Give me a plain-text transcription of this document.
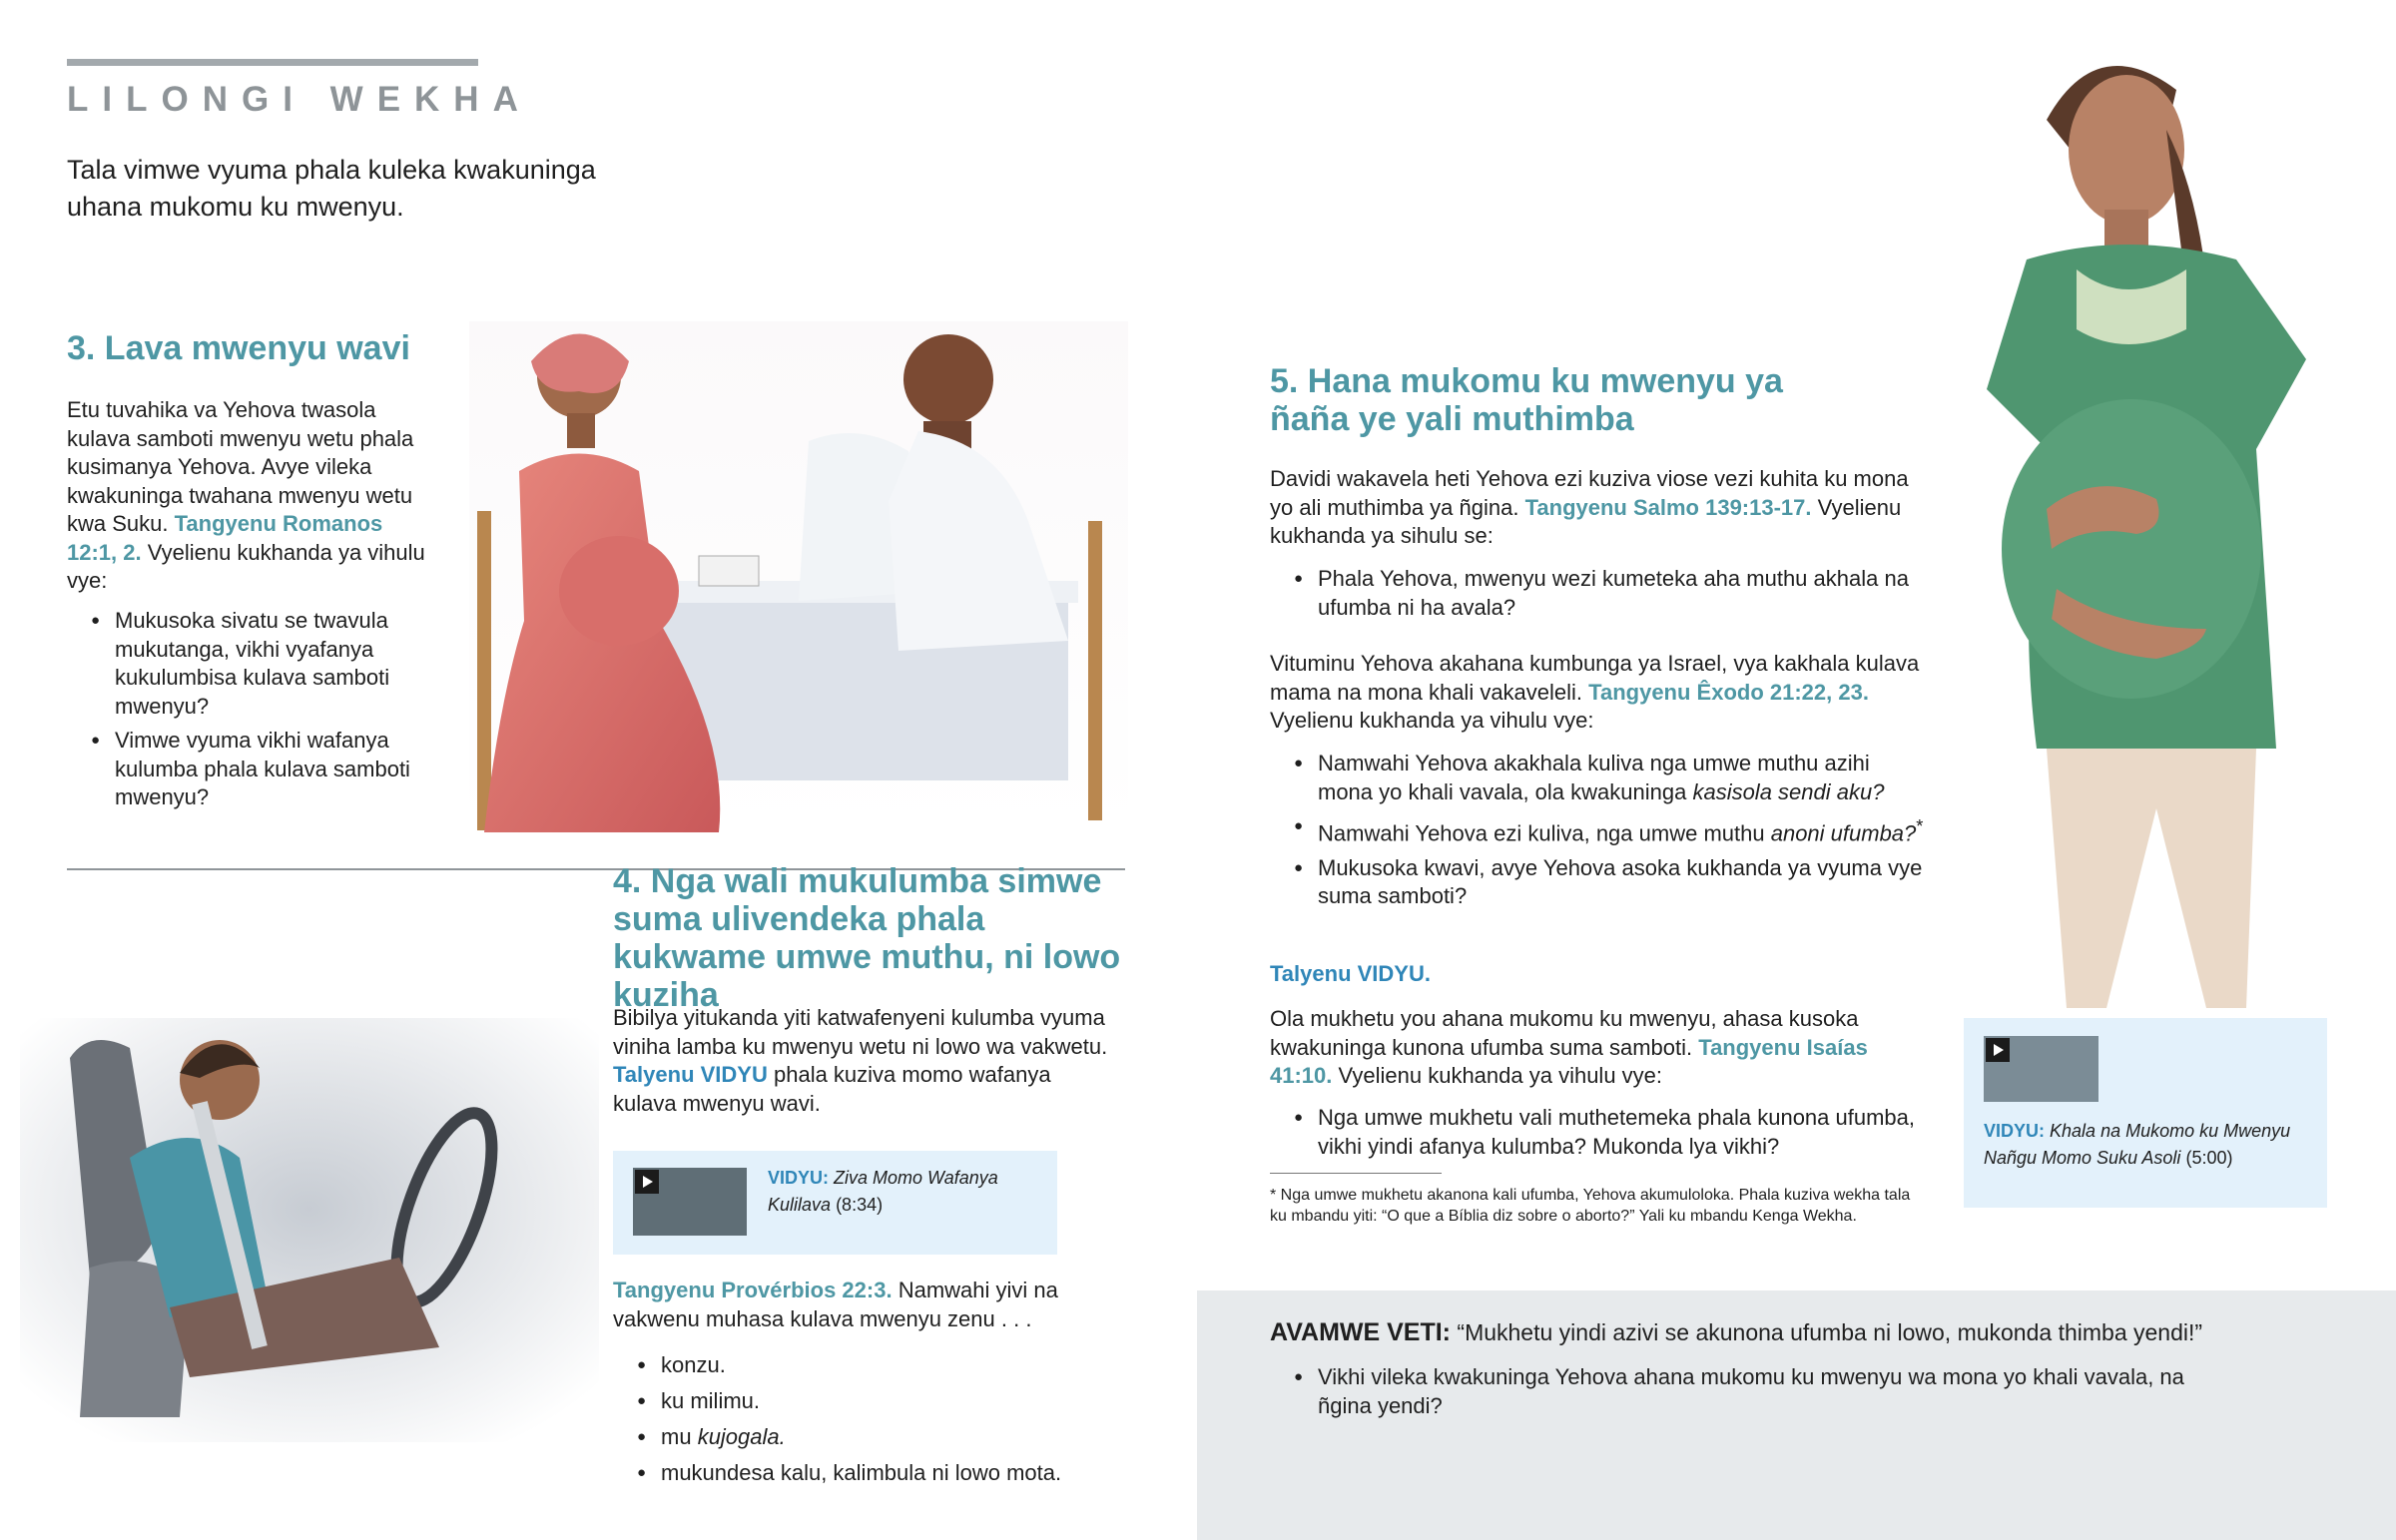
LILONGI WEKHA
Tala vimwe vyuma phala kuleka kwakuninga uhana mukomu ku mwenyu.
3. Lava mwenyu wavi
Etu tuvahika va Yehova twasola kulava samboti mwenyu wetu phala kusimanya Yehova. Avye vileka kwakuninga twahana mwenyu wetu kwa Suku. Tangyenu Romanos 12:1, 2. Vyelienu kukhanda ya vihulu vye:
● Mukusoka sivatu se twavula mukutanga, vikhi vyafanya kukulumbisa kulava samboti mwenyu?
● Vimwe vyuma vikhi wafanya kulumba phala kulava samboti mwenyu?
4. Nga wali mukulumba simwe suma ulivendeka phala kukwame umwe muthu, ni lowo kuziha
Bibilya yitukanda yiti katwafenyeni kulumba vyuma viniha lamba ku mwenyu wetu ni lowo wa vakwetu. Talyenu VIDYU phala kuziva momo wafanya kulava mwenyu wavi.
VIDYU: Ziva Momo Wafanya Kulilava (8:34)
Tangyenu Provérbios 22:3. Namwahi yivi na vakwenu muhasa kulava mwenyu zenu . . .
● konzu.
● ku milimu.
● mu kujogala.
● mukundesa kalu, kalimbula ni lowo mota.
5. Hana mukomu ku mwenyu ya ñaña ye yali muthimba
Davidi wakavela heti Yehova ezi kuziva viose vezi kuhita ku mona yo ali muthimba ya ñgina. Tangyenu Salmo 139:13-17. Vyelienu kukhanda ya sihulu se:
● Phala Yehova, mwenyu wezi kumeteka aha muthu akhala na ufumba ni ha avala?
Vituminu Yehova akahana kumbunga ya Israel, vya kakhala kulava mama na mona khali vakaveleli. Tangyenu Êxodo 21:22, 23. Vyelienu kukhanda ya vihulu vye:
● Namwahi Yehova akakhala kuliva nga umwe muthu azihi mona yo khali vavala, ola kwakuninga kasisola sendi aku?
● Namwahi Yehova ezi kuliva, nga umwe muthu anoni ufumba?*
● Mukusoka kwavi, avye Yehova asoka kukhanda ya vyuma vye suma samboti?
Talyenu VIDYU.
Ola mukhetu you ahana mukomu ku mwenyu, ahasa kusoka kwakuninga kunona ufumba suma samboti. Tangyenu Isaías 41:10. Vyelienu kukhanda ya vihulu vye:
● Nga umwe mukhetu vali muthetemeka phala kunona ufumba, vikhi yindi afanya kulumba? Mukonda lya vikhi?
* Nga umwe mukhetu akanona kali ufumba, Yehova akumuloloka. Phala kuziva wekha tala ku mbandu yiti: “O que a Bíblia diz sobre o aborto?” Yali ku mbandu Kenga Wekha.
VIDYU: Khala na Mukomo ku Mwenyu Nañgu Momo Suku Asoli (5:00)
AVAMWE VETI: “Mukhetu yindi azivi se akunona ufumba ni lowo, mukonda thimba yendi!”
● Vikhi vileka kwakuninga Yehova ahana mukomu ku mwenyu wa mona yo khali vavala, na ñgina yendi?
